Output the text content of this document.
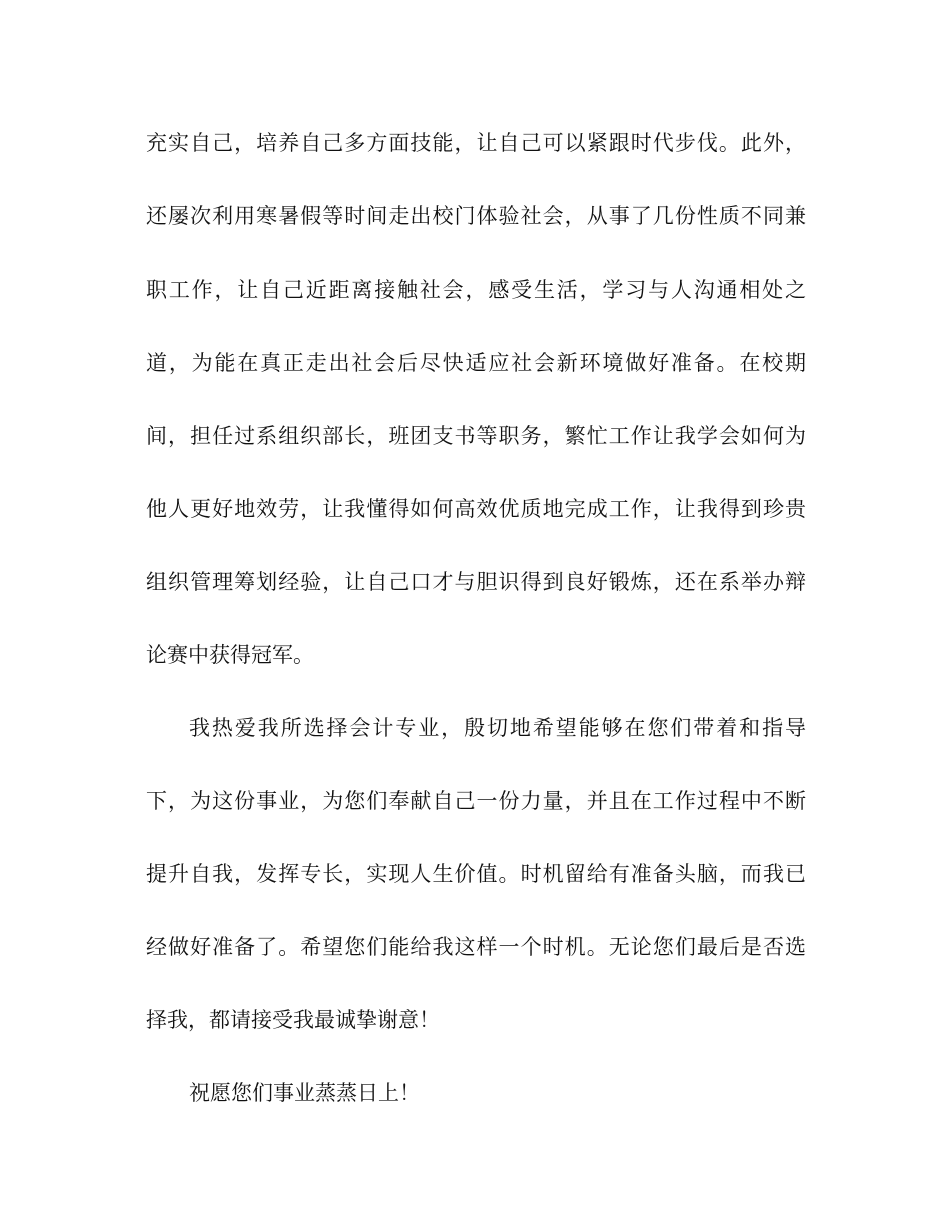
充实自己，培养自己多方面技能，让自己可以紧跟时代步伐。此外，
还屡次利用寒暑假等时间走出校门体验社会，从事了几份性质不同兼
职工作，让自己近距离接触社会，感受生活，学习与人沟通相处之
道，为能在真正走出社会后尽快适应社会新环境做好准备。在校期
间，担任过系组织部长，班团支书等职务，繁忙工作让我学会如何为
他人更好地效劳，让我懂得如何高效优质地完成工作，让我得到珍贵
组织管理筹划经验，让自己口才与胆识得到良好锻炼，还在系举办辩
论赛中获得冠军。
我热爱我所选择会计专业，殷切地希望能够在您们带着和指导
下，为这份事业，为您们奉献自己一份力量，并且在工作过程中不断
提升自我，发挥专长，实现人生价值。时机留给有准备头脑，而我已
经做好准备了。希望您们能给我这样一个时机。无论您们最后是否选
择我，都请接受我最诚挚谢意！
祝愿您们事业蒸蒸日上！
